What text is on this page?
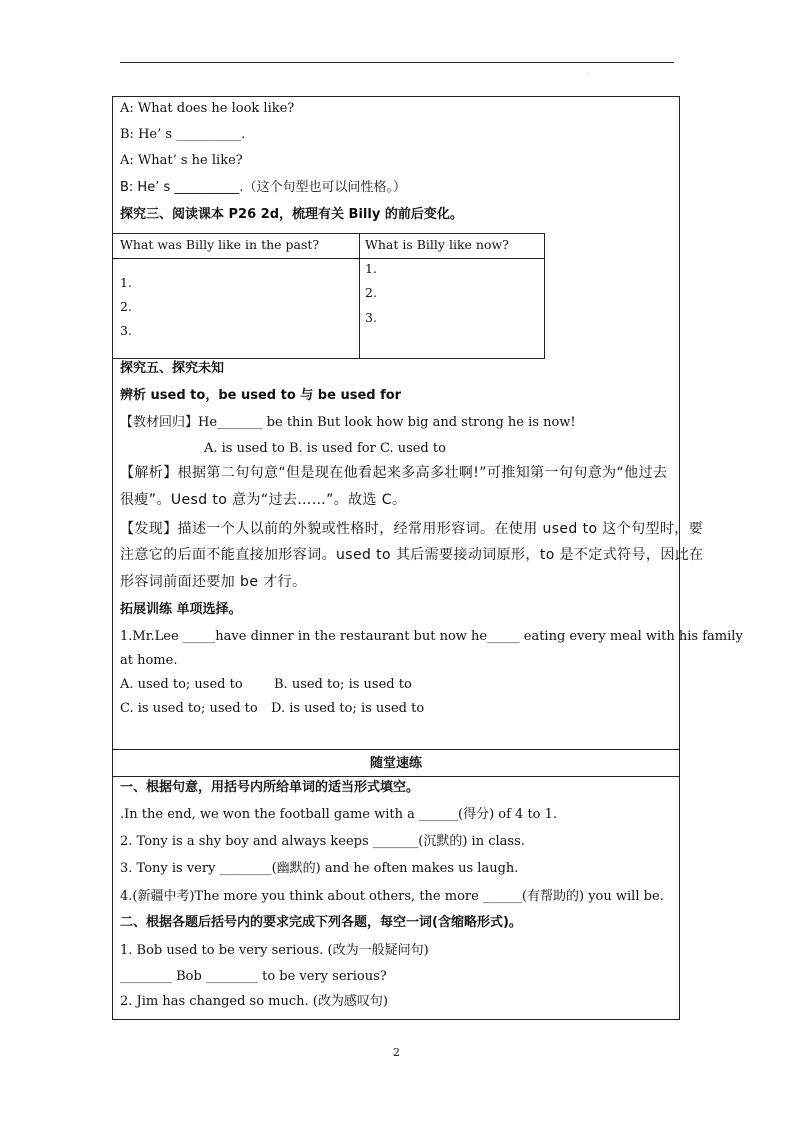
·
A: What does he look like?
B: He’ s __________.
A: What’ s he like?
B: He’ s __________.（这个句型也可以问性格。）
探究三、阅读课本 P26 2d，梳理有关 Billy 的前后变化。
What was Billy like in the past?	What is Billy like now?
1.
2.
3.
1.
2.
3.
探究五、探究未知
辨析 used to，be used to 与 be used for
【教材回归】He_______ be thin But look how big and strong he is now!
A. is used to B. is used for C. used to
【解析】根据第二句句意“但是现在他看起来多高多壮啊!”可推知第一句句意为“他过去
很瘦”。Uesd to 意为“过去……”。故选 C。
【发现】描述一个人以前的外貌或性格时，经常用形容词。在使用 used to 这个句型时，要
注意它的后面不能直接加形容词。used to 其后需要接动词原形，to 是不定式符号，因此在
形容词前面还要加 be 才行。
拓展训练 单项选择。
1.Mr.Lee _____have dinner in the restaurant but now he_____ eating every meal with his family
at home.
A. used to; used to B. used to; is used to
C. is used to; used to D. is used to; is used to
随堂速练
一、根据句意，用括号内所给单词的适当形式填空。
.In the end, we won the football game with a ______(得分) of 4 to 1.
2. Tony is a shy boy and always keeps _______(沉默的) in class.
3. Tony is very ________(幽默的) and he often makes us laugh.
4.(新疆中考)The more you think about others, the more ______(有帮助的) you will be.
二、根据各题后括号内的要求完成下列各题，每空一词(含缩略形式)。
1. Bob used to be very serious. (改为一般疑问句)
________ Bob ________ to be very serious?
2. Jim has changed so much. (改为感叹句)
2
